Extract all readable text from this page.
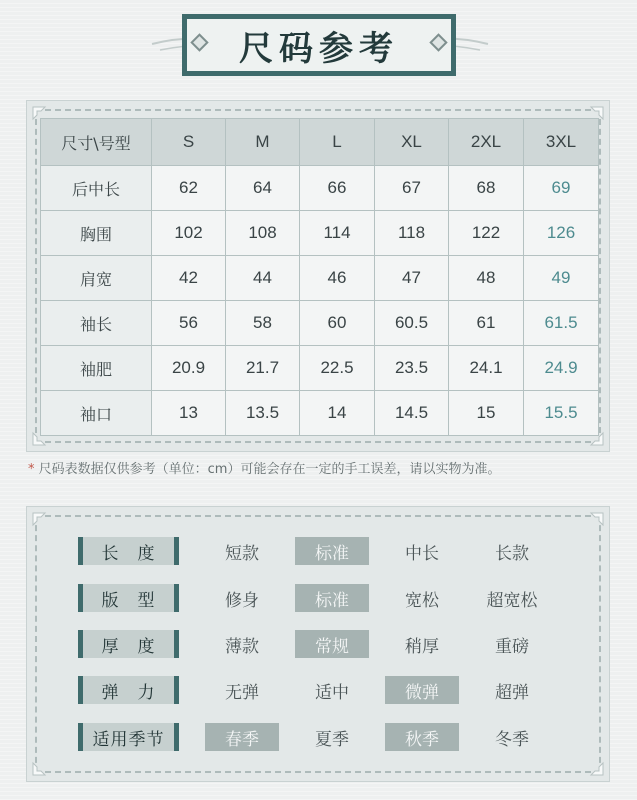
尺码参考
尺寸\号型	S	M	L	XL	2XL	3XL
后中长	62	64	66	67	68	69
胸围	102	108	114	118	122	126
肩宽	42	44	46	47	48	49
袖长	56	58	60	60.5	61	61.5
袖肥	20.9	21.7	22.5	23.5	24.1	24.9
袖口	13	13.5	14	14.5	15	15.5
* 尺码表数据仅供参考（单位：cm）可能会存在一定的手工误差，请以实物为准。
长　度	短款	标准	中长	长款
版　型	修身	标准	宽松	超宽松
厚　度	薄款	常规	稍厚	重磅
弹　力	无弹	适中	微弹	超弹
适用季节	春季	夏季	秋季	冬季
